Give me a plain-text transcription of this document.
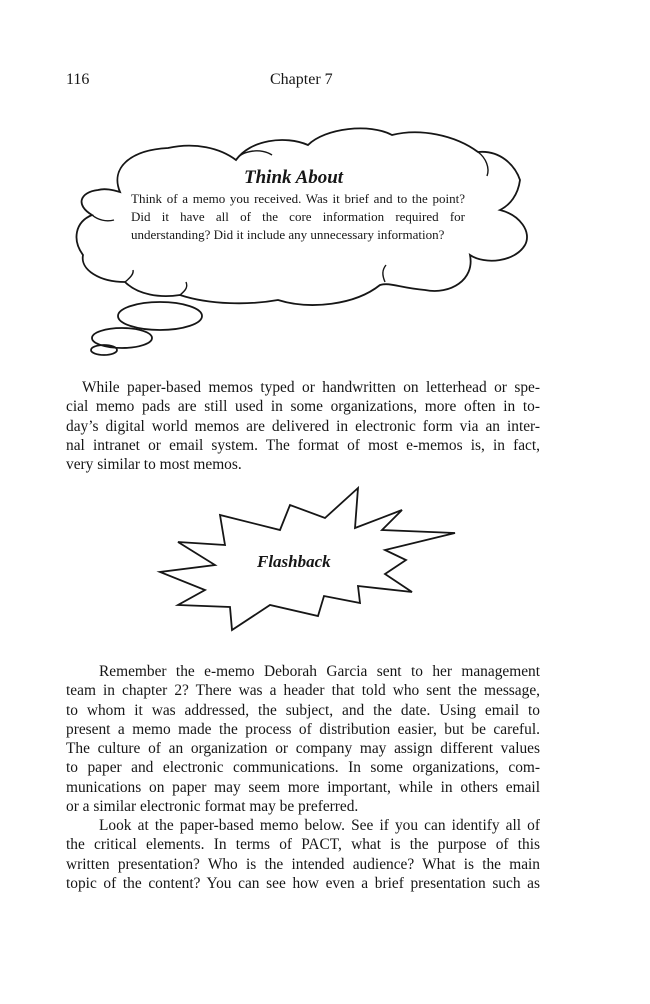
116	Chapter 7
Think About
Think of a memo you received. Was it brief and to the point? Did it have all of the core information required for understanding? Did it include any unnecessary information?
While paper-based memos typed or handwritten on letterhead or spe-
cial memo pads are still used in some organizations, more often in to-
day’s digital world memos are delivered in electronic form via an inter-
nal intranet or email system. The format of most e-memos is, in fact,
very similar to most memos.
Flashback
Remember the e-memo Deborah Garcia sent to her management
team in chapter 2? There was a header that told who sent the message,
to whom it was addressed, the subject, and the date. Using email to
present a memo made the process of distribution easier, but be careful.
The culture of an organization or company may assign different values
to paper and electronic communications. In some organizations, com-
munications on paper may seem more important, while in others email
or a similar electronic format may be preferred.
Look at the paper-based memo below. See if you can identify all of
the critical elements. In terms of PACT, what is the purpose of this
written presentation? Who is the intended audience? What is the main
topic of the content? You can see how even a brief presentation such as
